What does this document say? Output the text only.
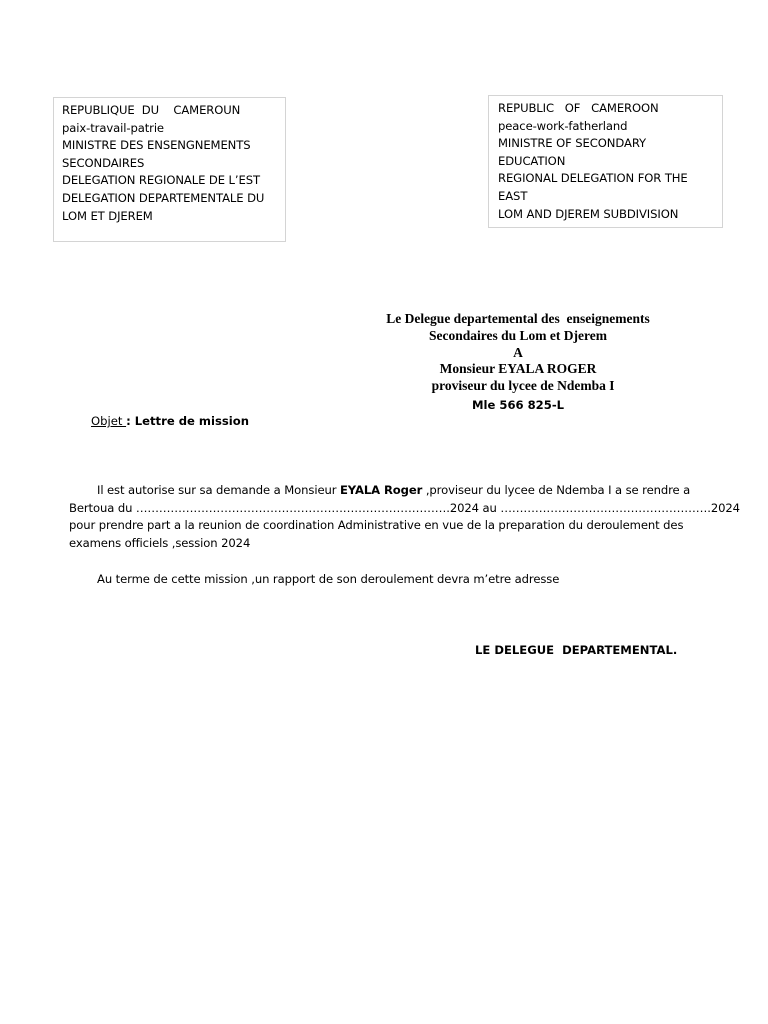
REPUBLIQUE  DU    CAMEROUN
paix-travail-patrie
MINISTRE DES ENSENGNEMENTS
SECONDAIRES
DELEGATION REGIONALE DE L’EST
DELEGATION DEPARTEMENTALE DU
LOM ET DJEREM
REPUBLIC   OF   CAMEROON
peace-work-fatherland
MINISTRE OF SECONDARY
EDUCATION
REGIONAL DELEGATION FOR THE
EAST
LOM AND DJEREM SUBDIVISION
Le Delegue departemental des  enseignements
Secondaires du Lom et Djerem
A
Monsieur EYALA ROGER
proviseur du lycee de Ndemba I
Mle 566 825-L
Objet : Lettre de mission
Il est autorise sur sa demande a Monsieur EYALA Roger ,proviseur du lycee de Ndemba I a se rendre a
Bertoua du ……………………………………………………………………….2024 au ……………………………………………….2024
pour prendre part a la reunion de coordination Administrative en vue de la preparation du deroulement des
examens officiels ,session 2024
Au terme de cette mission ,un rapport de son deroulement devra m’etre adresse
LE DELEGUE  DEPARTEMENTAL.
